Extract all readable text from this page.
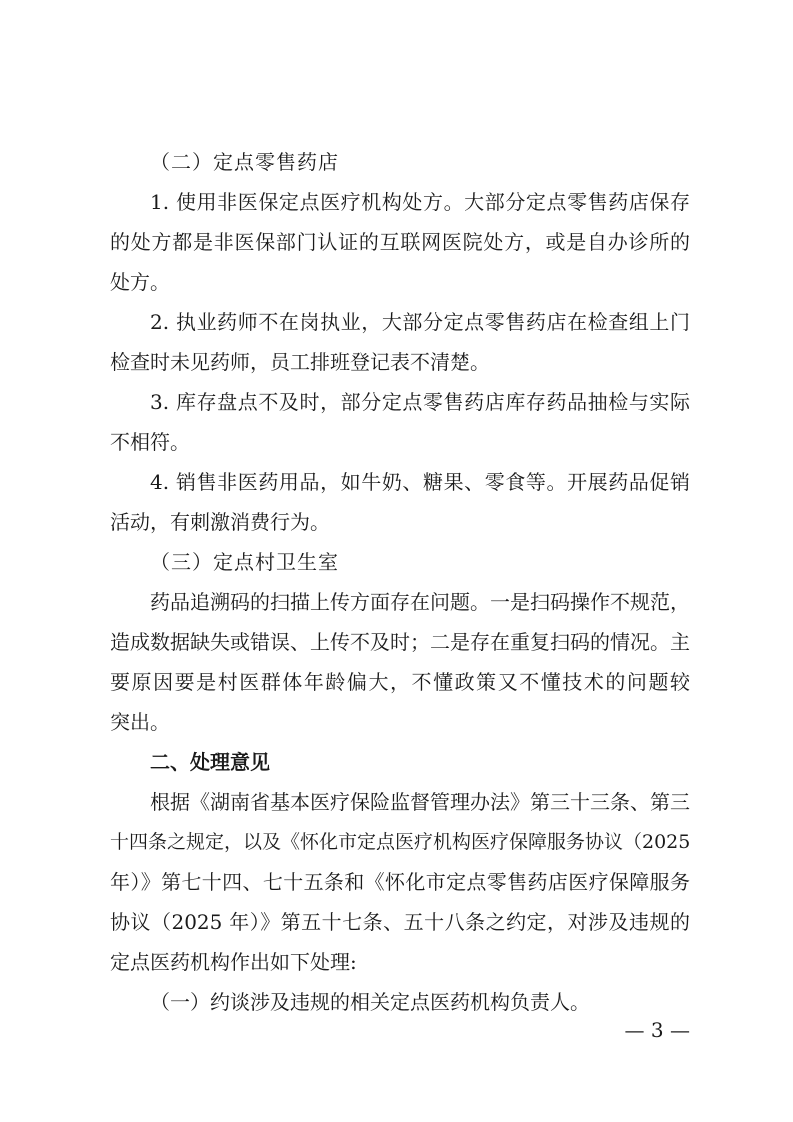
（二）定点零售药店
1. 使用非医保定点医疗机构处方。大部分定点零售药店保存
的处方都是非医保部门认证的互联网医院处方，或是自办诊所的
处方。
2. 执业药师不在岗执业，大部分定点零售药店在检查组上门
检查时未见药师，员工排班登记表不清楚。
3. 库存盘点不及时，部分定点零售药店库存药品抽检与实际
不相符。
4. 销售非医药用品，如牛奶、糖果、零食等。开展药品促销
活动，有刺激消费行为。
（三）定点村卫生室
药品追溯码的扫描上传方面存在问题。一是扫码操作不规范，
造成数据缺失或错误、上传不及时；二是存在重复扫码的情况。主
要原因要是村医群体年龄偏大，不懂政策又不懂技术的问题较
突出。
二、处理意见
根据《湖南省基本医疗保险监督管理办法》第三十三条、第三
十四条之规定，以及《怀化市定点医疗机构医疗保障服务协议（2025
年）》第七十四、七十五条和《怀化市定点零售药店医疗保障服务
协议（2025 年）》第五十七条、五十八条之约定，对涉及违规的
定点医药机构作出如下处理:
（一）约谈涉及违规的相关定点医药机构负责人。
— 3 —
